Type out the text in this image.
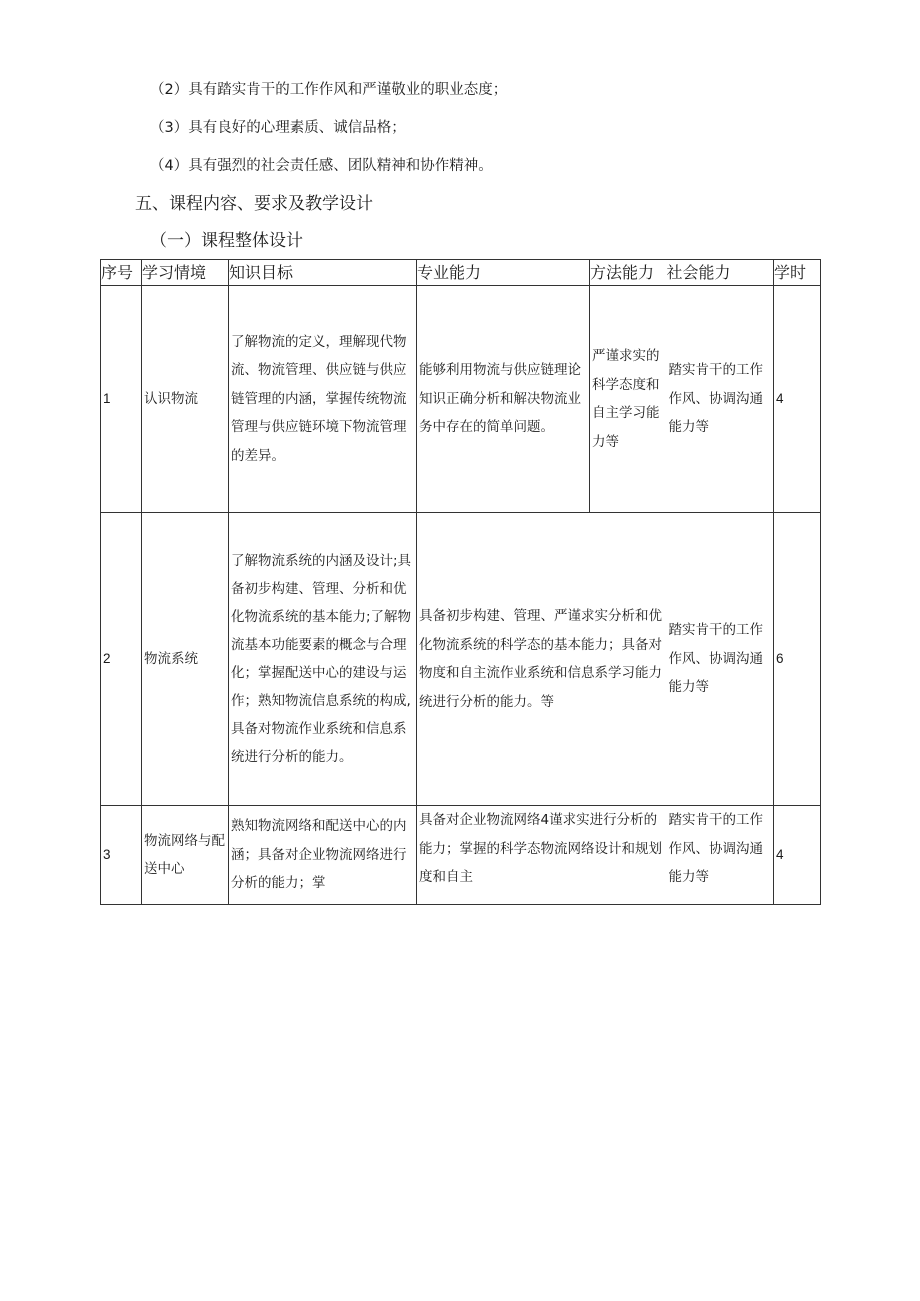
（2）具有踏实肯干的工作作风和严谨敬业的职业态度；
（3）具有良好的心理素质、诚信品格；
（4）具有强烈的社会责任感、团队精神和协作精神。
五、课程内容、要求及教学设计
（一）课程整体设计
序号	学习情境	知识目标	专业能力	方法能力	社会能力	学时

1	认识物流	了解物流的定义，理解现代物流、物流管理、供应链与供应链管理的内涵，掌握传统物流管理与供应链环境下物流管理的差异。	能够利用物流与供应链理论知识正确分析和解决物流业务中存在的简单问题。	严谨求实的科学态度和自主学习能力等	踏实肯干的工作作风、协调沟通能力等	4

2	物流系统	了解物流系统的内涵及设计;具备初步构建、管理、分析和优化物流系统的基本能力;了解物流基本功能要素的概念与合理化；掌握配送中心的建设与运作；熟知物流信息系统的构成,具备对物流作业系统和信息系统进行分析的能力。	具备初步构建、管理、严谨求实分析和优化物流系统的科学态的基本能力；具备对物度和自主流作业系统和信息系学习能力统进行分析的能力。等		踏实肯干的工作作风、协调沟通能力等	6

3	物流网络与配送中心	熟知物流网络和配送中心的内涵；具备对企业物流网络进行分析的能力；掌	具备对企业物流网络4谨求实进行分析的能力；掌握的科学态物流网络设计和规划度和自主		踏实肯干的工作作风、协调沟通能力等	4
